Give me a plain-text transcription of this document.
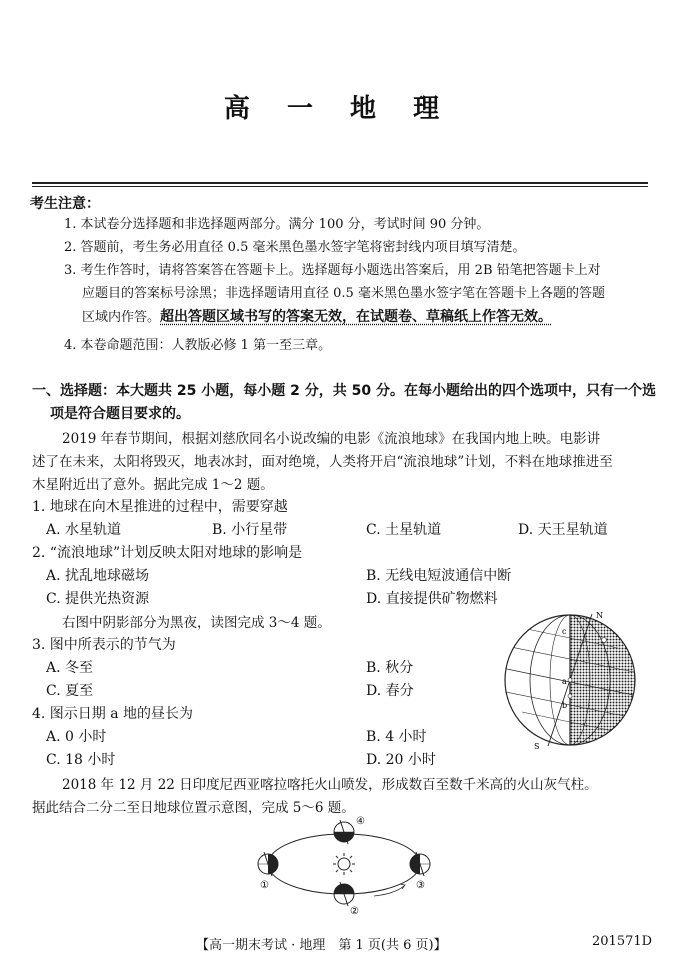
高 一 地 理
考生注意：
1. 本试卷分选择题和非选择题两部分。满分 100 分，考试时间 90 分钟。
2. 答题前，考生务必用直径 0.5 毫米黑色墨水签字笔将密封线内项目填写清楚。
3. 考生作答时，请将答案答在答题卡上。选择题每小题选出答案后，用 2B 铅笔把答题卡上对
应题目的答案标号涂黑；非选择题请用直径 0.5 毫米黑色墨水签字笔在答题卡上各题的答题
区域内作答。超出答题区域书写的答案无效，在试题卷、草稿纸上作答无效。
4. 本卷命题范围：人教版必修 1 第一至三章。
一、选择题：本大题共 25 小题，每小题 2 分，共 50 分。在每小题给出的四个选项中，只有一个选
项是符合题目要求的。
2019 年春节期间，根据刘慈欣同名小说改编的电影《流浪地球》在我国内地上映。电影讲
述了在未来，太阳将毁灭，地表冰封，面对绝境，人类将开启“流浪地球”计划，不料在地球推进至
木星附近出了意外。据此完成 1～2 题。
1. 地球在向木星推进的过程中，需要穿越
A. 水星轨道	B. 小行星带	C. 土星轨道	D. 天王星轨道
2. “流浪地球”计划反映太阳对地球的影响是
A. 扰乱地球磁场	B. 无线电短波通信中断
C. 提供光热资源	D. 直接提供矿物燃料
右图中阴影部分为黑夜，读图完成 3～4 题。
3. 图中所表示的节气为
A. 冬至	B. 秋分
C. 夏至	D. 春分
4. 图示日期 a 地的昼长为
A. 0 小时	B. 4 小时
C. 18 小时	D. 20 小时
N
S
a
b
c
2018 年 12 月 22 日印度尼西亚喀拉喀托火山喷发，形成数百至数千米高的火山灰气柱。
据此结合二分二至日地球位置示意图，完成 5～6 题。
①
②
③
④
【高一期末考试 · 地理　第 1 页(共 6 页)】	201571D
